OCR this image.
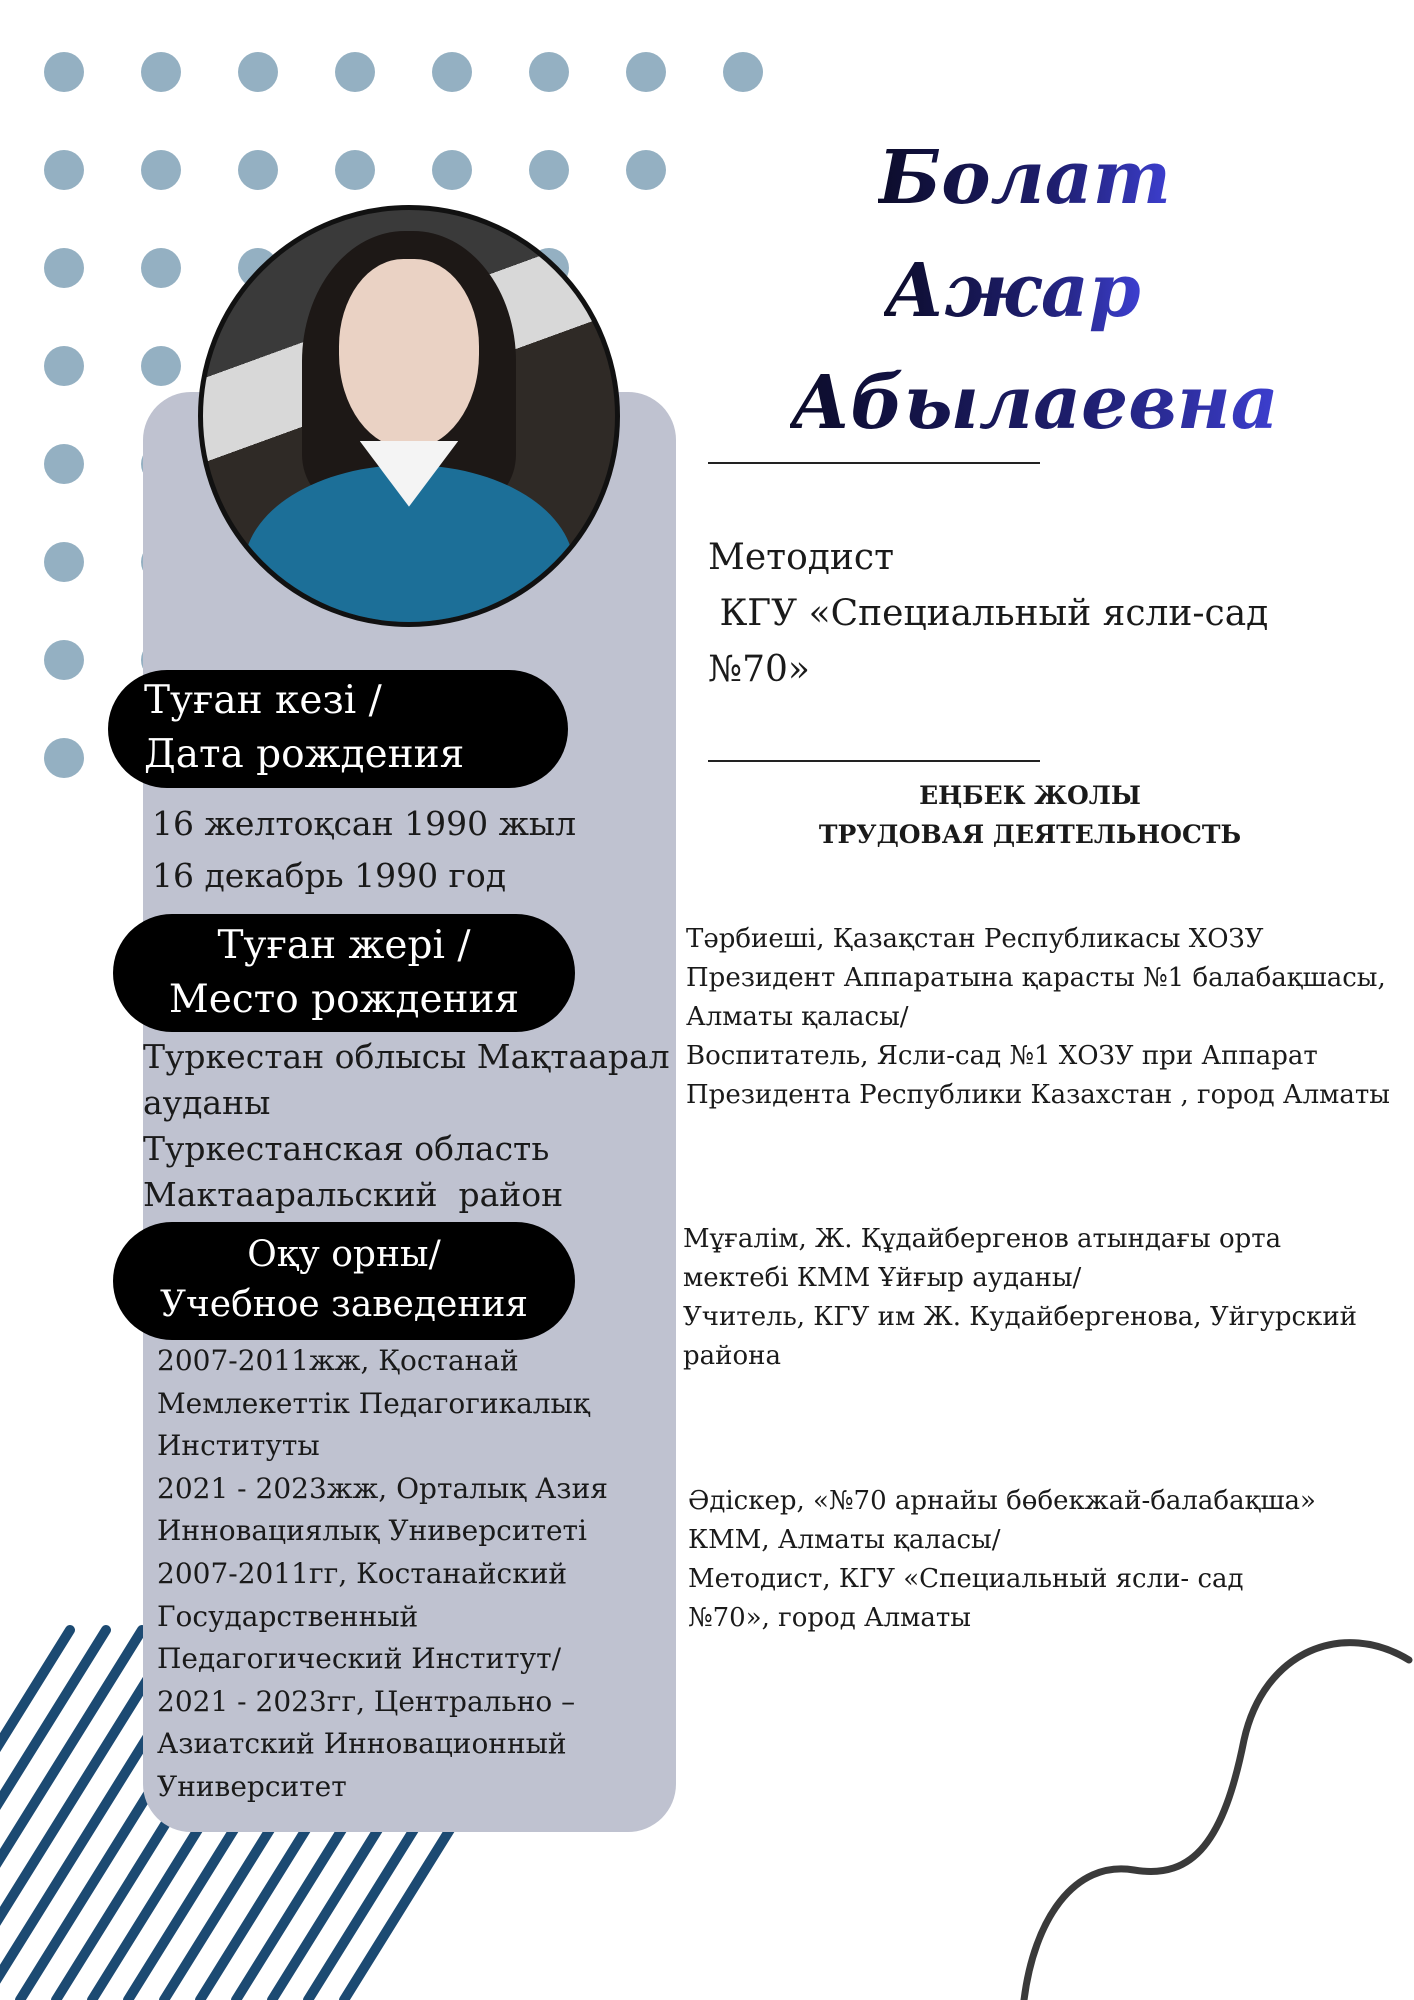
Болат
Ажар
Абылаевна
Методист
КГУ «Специальный ясли-сад
№70»
ЕҢБЕК ЖОЛЫ
ТРУДОВАЯ ДЕЯТЕЛЬНОСТЬ
Тәрбиеші, Қазақстан Республикасы ХОЗУ
Президент Аппаратына қарасты №1 балабақшасы,
Алматы қаласы/
Воспитатель, Ясли-сад №1 ХОЗУ при Аппарат
Президента Республики Казахстан , город Алматы
Мұғалім, Ж. Құдайбергенов атындағы орта
мектебі КММ Ұйғыр ауданы/
Учитель, КГУ им Ж. Кудайбергенова, Уйгурский
района
Әдіскер, «№70 арнайы бөбекжай-балабақша»
КММ, Алматы қаласы/
Методист, КГУ «Специальный ясли- сад
№70», город Алматы
Туған кезі /
Дата рождения
16 желтоқсан 1990 жыл
16 декабрь 1990 год
Туған жері /
Место рождения
Туркестан облысы Мақтаарал
ауданы
Туркестанская область
Мактааральский  район
Оқу орны/
Учебное заведения
2007-2011жж, Қостанай
Мемлекеттік Педагогикалық
Институты
2021 - 2023жж, Орталық Азия
Инновациялық Университеті
2007-2011гг, Костанайский
Государственный
Педагогический Институт/
2021 - 2023гг, Центрально –
Азиатский Инновационный
Университет
